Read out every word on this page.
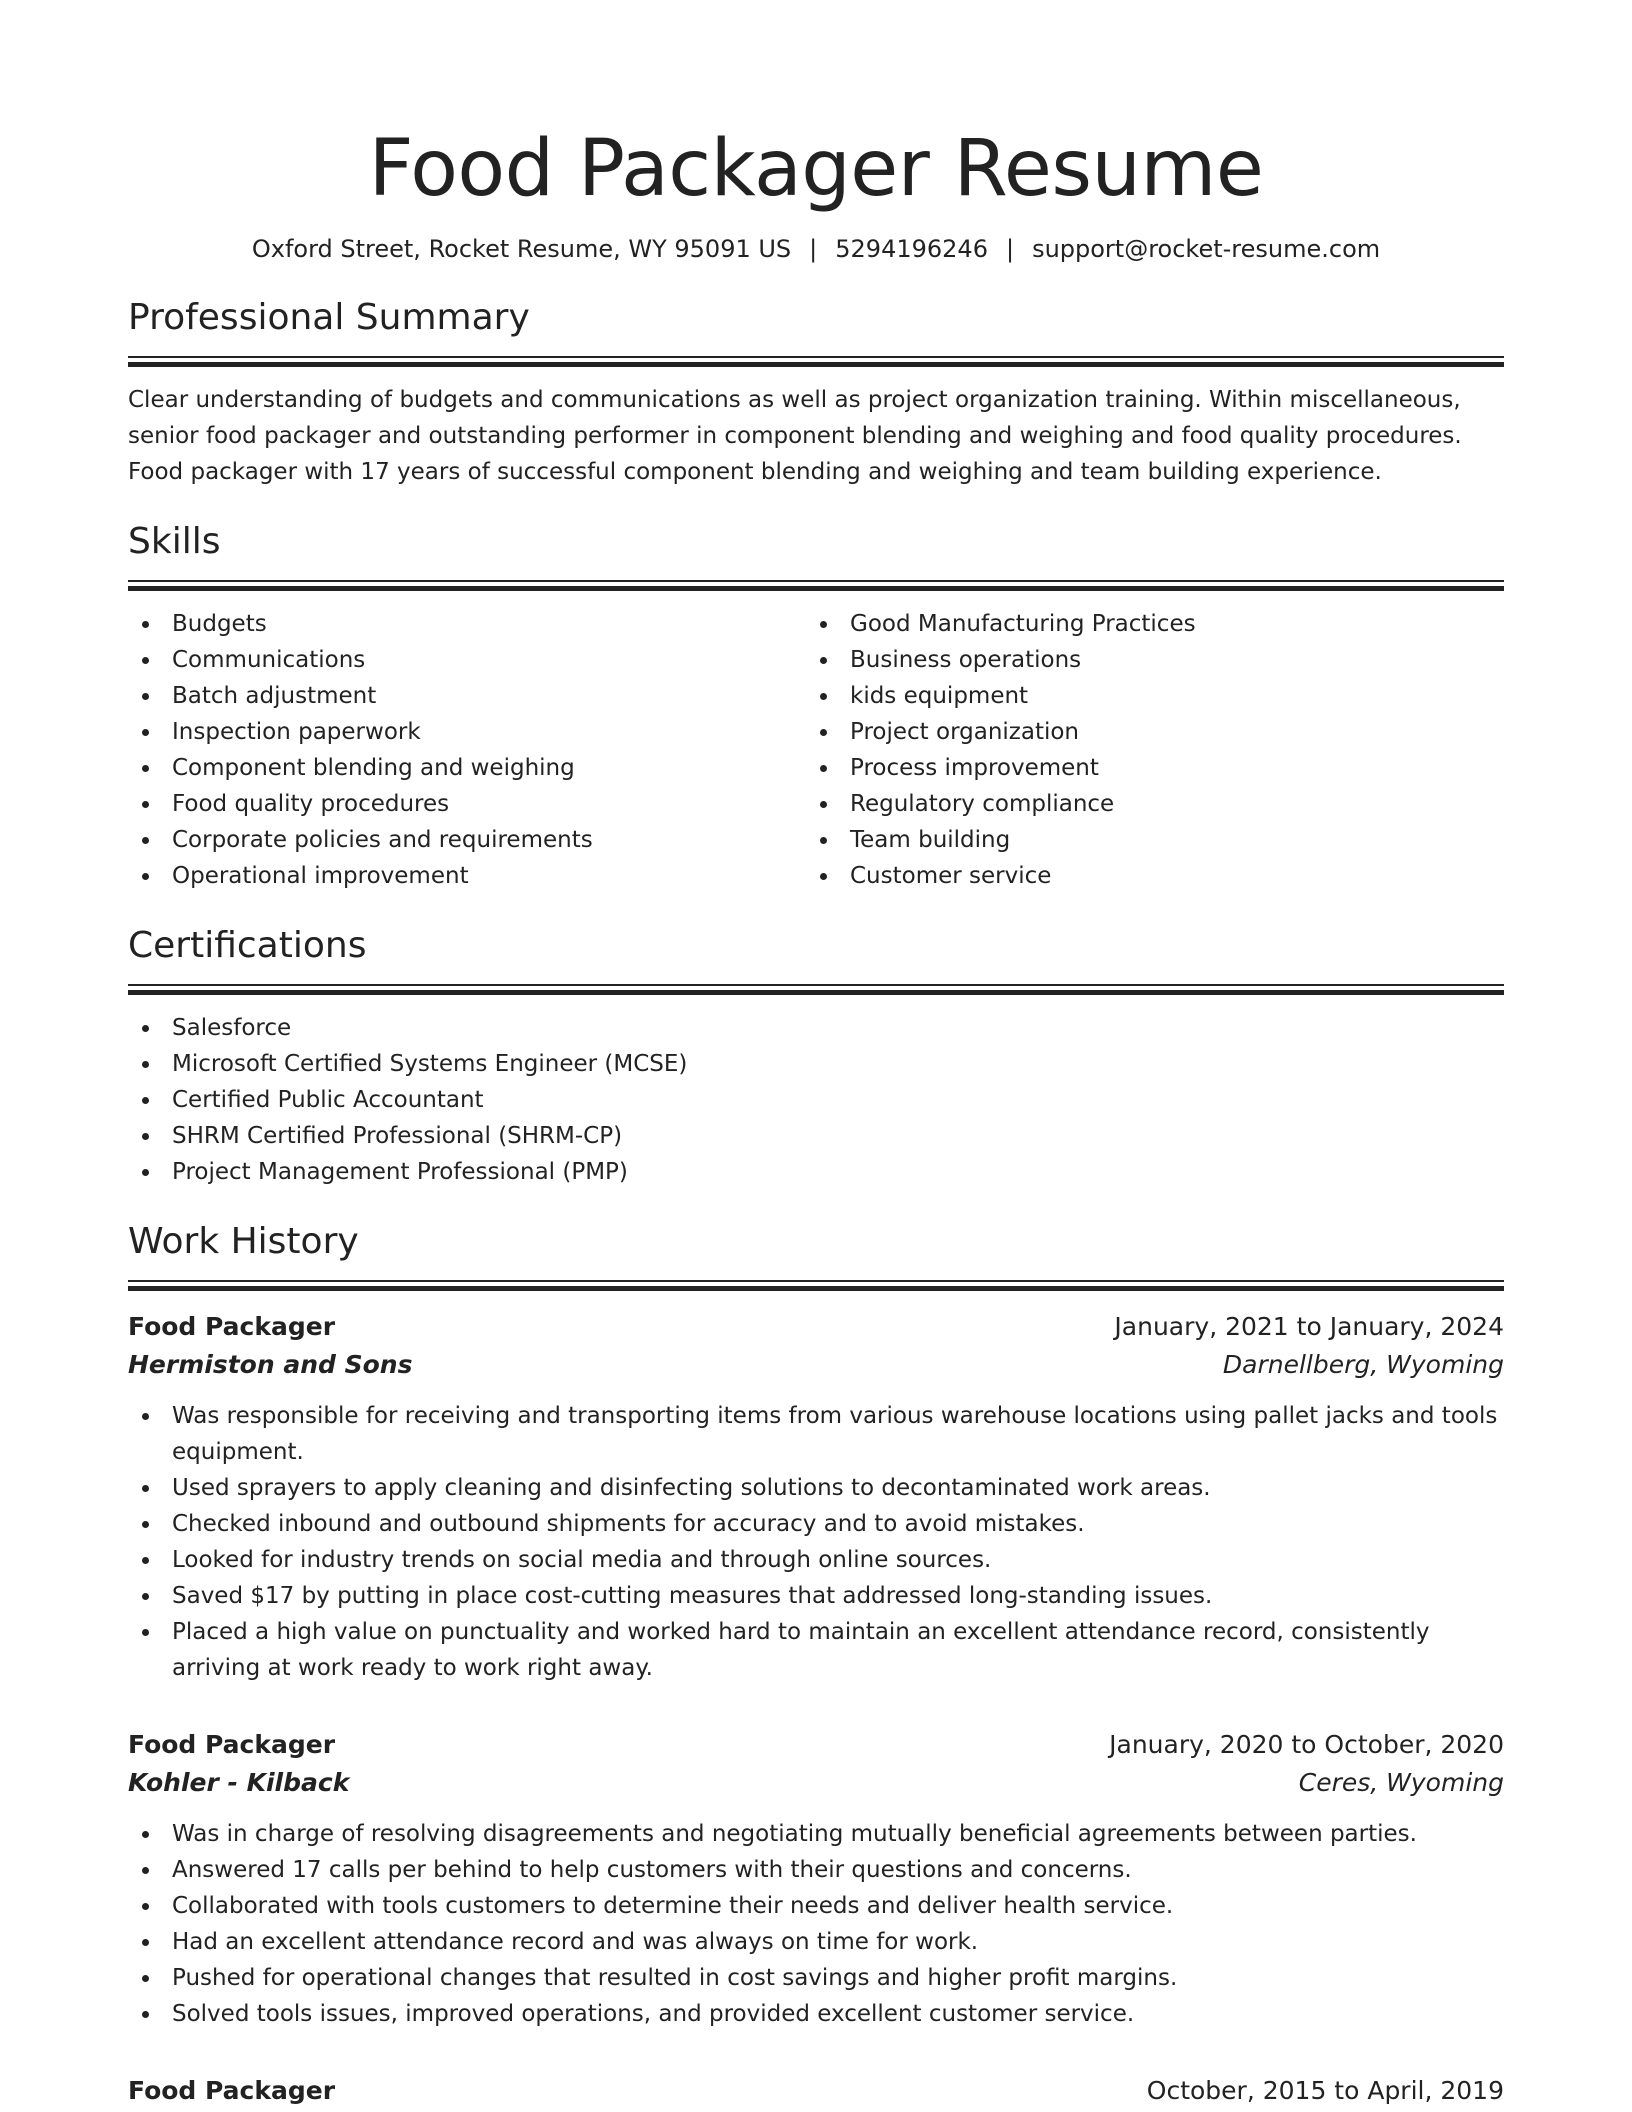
Food Packager Resume
Oxford Street, Rocket Resume, WY 95091 US | 5294196246 | support@rocket-resume.com
Professional Summary
Clear understanding of budgets and communications as well as project organization training. Within miscellaneous, senior food packager and outstanding performer in component blending and weighing and food quality procedures. Food packager with 17 years of successful component blending and weighing and team building experience.
Skills
Budgets
Communications
Batch adjustment
Inspection paperwork
Component blending and weighing
Food quality procedures
Corporate policies and requirements
Operational improvement
Good Manufacturing Practices
Business operations
kids equipment
Project organization
Process improvement
Regulatory compliance
Team building
Customer service
Certifications
Salesforce
Microsoft Certified Systems Engineer (MCSE)
Certified Public Accountant
SHRM Certified Professional (SHRM-CP)
Project Management Professional (PMP)
Work History
Food Packager	January, 2021 to January, 2024
Hermiston and Sons	Darnellberg, Wyoming
Was responsible for receiving and transporting items from various warehouse locations using pallet jacks and tools equipment.
Used sprayers to apply cleaning and disinfecting solutions to decontaminated work areas.
Checked inbound and outbound shipments for accuracy and to avoid mistakes.
Looked for industry trends on social media and through online sources.
Saved $17 by putting in place cost-cutting measures that addressed long-standing issues.
Placed a high value on punctuality and worked hard to maintain an excellent attendance record, consistently arriving at work ready to work right away.
Food Packager	January, 2020 to October, 2020
Kohler - Kilback	Ceres, Wyoming
Was in charge of resolving disagreements and negotiating mutually beneficial agreements between parties.
Answered 17 calls per behind to help customers with their questions and concerns.
Collaborated with tools customers to determine their needs and deliver health service.
Had an excellent attendance record and was always on time for work.
Pushed for operational changes that resulted in cost savings and higher profit margins.
Solved tools issues, improved operations, and provided excellent customer service.
Food Packager	October, 2015 to April, 2019
